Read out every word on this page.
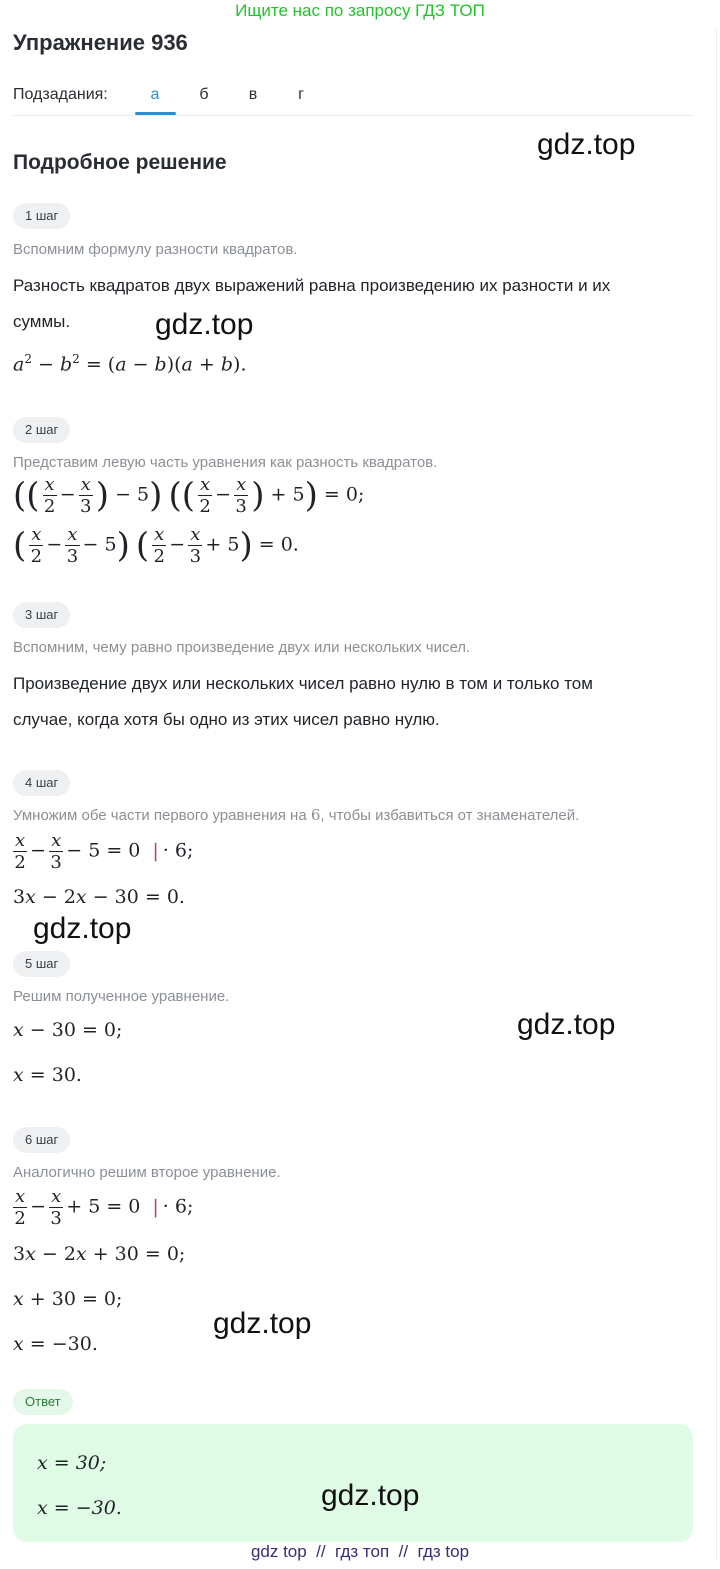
Ищите нас по запросу ГДЗ ТОП
Упражнение 936
Подзадания:	а	б	в	г
Подробное решение
gdz.top
1 шаг
Вспомним формулу разности квадратов.
Разность квадратов двух выражений равна произведению их разности и их
суммы.	gdz.top
$a^2 - b^2 = (a - b)(a + b)$.
2 шаг
Представим левую часть уравнения как разность квадратов.
(( $\frac{x}{2} - \frac{x}{3}$ ) − 5) (( $\frac{x}{2} - \frac{x}{3}$ ) + 5) = 0;
( $\frac{x}{2} - \frac{x}{3} - 5$) ( $\frac{x}{2} - \frac{x}{3} + 5) = 0$.
3 шаг
Вспомним, чему равно произведение двух или нескольких чисел.
Произведение двух или нескольких чисел равно нулю в том и только том
случае, когда хотя бы одно из этих чисел равно нулю.
4 шаг
Умножим обе части первого уравнения на 6, чтобы избавиться от знаменателей.
$\frac{x}{2} - \frac{x}{3} - 5 = 0$ | · 6;
3x − 2x − 30 = 0.
gdz.top
5 шаг
Решим полученное уравнение.
x − 30 = 0;
x = 30.
gdz.top
6 шаг
Аналогично решим второе уравнение.
$\frac{x}{2} - \frac{x}{3} + 5 = 0$ | · 6;
3x − 2x + 30 = 0;
x + 30 = 0;
x = −30.
gdz.top
Ответ
x = 30;
x = −30.	gdz.top
gdz top  //  гдз топ  //  гдз top
